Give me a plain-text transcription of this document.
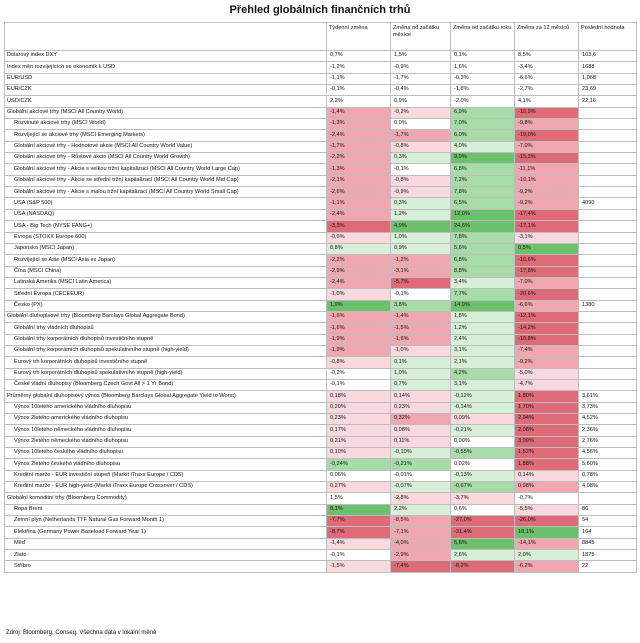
Přehled globálních finančních trhů
	Týdenní změna	Změna od začátku měsíce	Změna od začátku roku	Změna za 12 měsíců	Poslední hodnota
Dolarový index DXY	0,7%	1,5%	0,1%	8,5%	103,6
Index měn rozvíjejících se ekonomik k USD	-1,2%	-0,9%	1,6%	-3,4%	1688
EUR/USD	-1,1%	-1,7%	-0,3%	-6,6%	1,068
EUR/CZK	-0,1%	-0,4%	-1,8%	-2,7%	23,69
USD/CZK	2,2%	0,9%	-2,0%	4,1%	22,16
Globální akciové trhy (MSCI All Country World)	-1,4%	-0,2%	6,9%	-10,9%	
Rozvinuté akciové trhy (MSCI World)	-1,3%	0,0%	7,0%	-9,8%	
Rozvíjející se akciové trhy (MSCI Emerging Markets)	-2,4%	-1,7%	6,0%	-19,0%	
Globální akciové trhy - Hodnotové akcie (MSCI All Country World Value)	-1,7%	-0,8%	4,0%	-7,0%	
Globální akciové trhy - Růstové akcie (MSCI All Country World Growth)	-2,2%	0,3%	9,9%	-15,3%	
Globální akciové trhy - Akcie s velkou tržní kapitalizací (MSCI All Country World Large Cap)	-1,3%	-0,1%	6,8%	-11,1%	
Globální akciové trhy - Akcie se střední tržní kapitalizací (MSCI All Country World Mid Cap)	-2,1%	-0,8%	7,2%	-10,1%	
Globální akciové trhy - Akcie s malou tržní kapitalizací (MSCI All Country World Small Cap)	-2,6%	-0,9%	7,8%	-9,2%	
USA (S&P 500)	-1,1%	0,3%	6,5%	-9,2%	4090
USA (NASDAQ)	-2,4%	1,2%	12,0%	-17,4%	
USA - Big Tech (NYSE FANG+)	-3,3%	4,9%	24,6%	-17,1%	
Evropa (STOXX Europe 600)	-0,6%	1,0%	7,8%	-3,1%	
Japonsko (MSCI Japan)	0,8%	0,9%	5,6%	0,5%	
Rozvíjející se Asie (MSCI Asia ex Japan)	-2,2%	-1,2%	6,8%	-16,6%	
Čína (MSCI China)	-2,9%	-3,1%	8,8%	-17,8%	
Latinská Amerika (MSCI Latin America)	-2,4%	-5,7%	3,4%	-7,0%	
Střední Evropa (CECEEUR)	-1,0%	-0,1%	7,7%	-20,6%	
Česko (PX)	1,9%	3,8%	14,9%	-6,6%	1380
Globální dluhopisové trhy (Bloomberg Barclays Global Aggregate Bond)	-1,6%	-1,4%	1,8%	-12,1%	
Globální trhy vládních dluhopisů	-1,6%	-1,5%	1,2%	-14,2%	
Globální trhy korporátních dluhopisů investičního stupně	-1,9%	-1,6%	2,4%	-10,8%	
Globální trhy korporátních dluhopisů spekulativního stupně (high-yield)	-1,9%	-1,0%	3,1%	-7,4%	
Eurový trh korporátních dluhopisů investičního stupně	-0,8%	0,1%	2,1%	-9,2%	
Eurový trh korporátních dluhopisů spekulativního stupně (high-yield)	-0,2%	1,0%	4,2%	-5,0%	
České vládní dluhopisy (Bloomberg Czech Govt All > 1 Yr Bond)	-0,1%	0,7%	3,1%	-4,7%	
Průměrný globální dluhopisový výnos (Bloomberg Barclays Global Aggregate Yield to Worst)	0,18%	0,14%	-0,12%	1,80%	3,61%
Výnos 10letého amerického vládního dluhopisu	0,20%	0,23%	-0,14%	1,70%	3,73%
Výnos 2letého amerického vládního dluhopisu	0,23%	0,32%	0,09%	2,94%	4,52%
Výnos 10letého německého vládního dluhopisu	0,17%	0,08%	-0,21%	2,08%	2,36%
Výnos 2letého německého vládního dluhopisu	0,21%	0,11%	0,00%	3,09%	2,76%
Výnos 10letého českého vládního dluhopisu	0,10%	-0,10%	-0,55%	1,52%	4,56%
Výnos 2letého českého vládního dluhopisu	-0,24%	-0,21%	0,02%	1,88%	5,60%
Kreditní marže - EUR investiční stupeň (Markit iTraxx Europe / CDS)	0,06%	-0,01%	-0,13%	0,14%	0,78%
Kreditní marže - EUR high-yield (Markit iTraxx Europe Crossover / CDS)	0,27%	-0,07%	-0,67%	0,98%	4,08%
Globální komoditní trhy (Bloomberg Commodity)	1,5%	-2,8%	-3,7%	-0,7%	
Ropa Brent	8,1%	2,2%	0,6%	-5,5%	86
Zemní plyn (Netherlands TTF Natural Gas Forward Month 1)	-7,7%	-8,5%	-27,0%	-26,0%	54
Elektřina (Germany Power Baseload Forward Year 1)	-8,7%	-7,1%	-31,4%	18,1%	164
Měď	-1,4%	-4,0%	5,6%	-14,1%	8845
Zlato	-0,1%	-2,9%	2,6%	2,0%	1875
Stříbro	-1,5%	-7,4%	-8,2%	-6,2%	22
Zdroj: Bloomberg, Conseq. Všechna data v lokální měně
